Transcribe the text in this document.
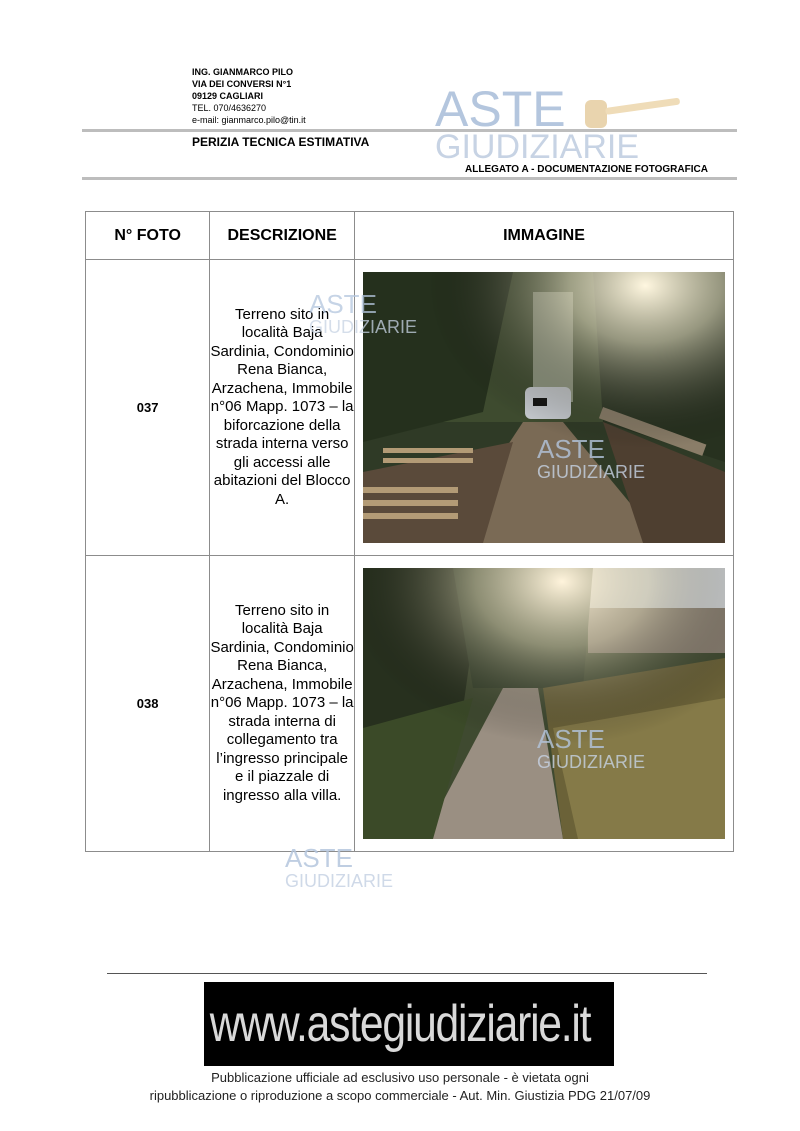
ING. GIANMARCO PILO
VIA DEI CONVERSI N°1
09129 CAGLIARI
TEL. 070/4636270
e-mail: gianmarco.pilo@tin.it
PERIZIA TECNICA ESTIMATIVA
ALLEGATO A - DOCUMENTAZIONE FOTOGRAFICA
ASTE
GIUDIZIARIE
N° FOTO	DESCRIZIONE	IMMAGINE
037	Terreno sito in località Baja Sardinia, Condominio Rena Bianca, Arzachena, Immobile n°06 Mapp. 1073 – la biforcazione della strada interna verso gli accessi alle abitazioni del Blocco A.	

038	Terreno sito in località Baja Sardinia, Condominio Rena Bianca, Arzachena, Immobile n°06 Mapp. 1073 – la strada interna di collegamento tra l’ingresso principale e il piazzale di ingresso alla villa.	
ASTE
GIUDIZIARIE
ASTE
GIUDIZIARIE
ASTE
GIUDIZIARIE
ASTE
GIUDIZIARIE
www.astegiudiziarie.it
Pubblicazione ufficiale ad esclusivo uso personale - è vietata ogni
ripubblicazione o riproduzione a scopo commerciale - Aut. Min. Giustizia PDG 21/07/09
